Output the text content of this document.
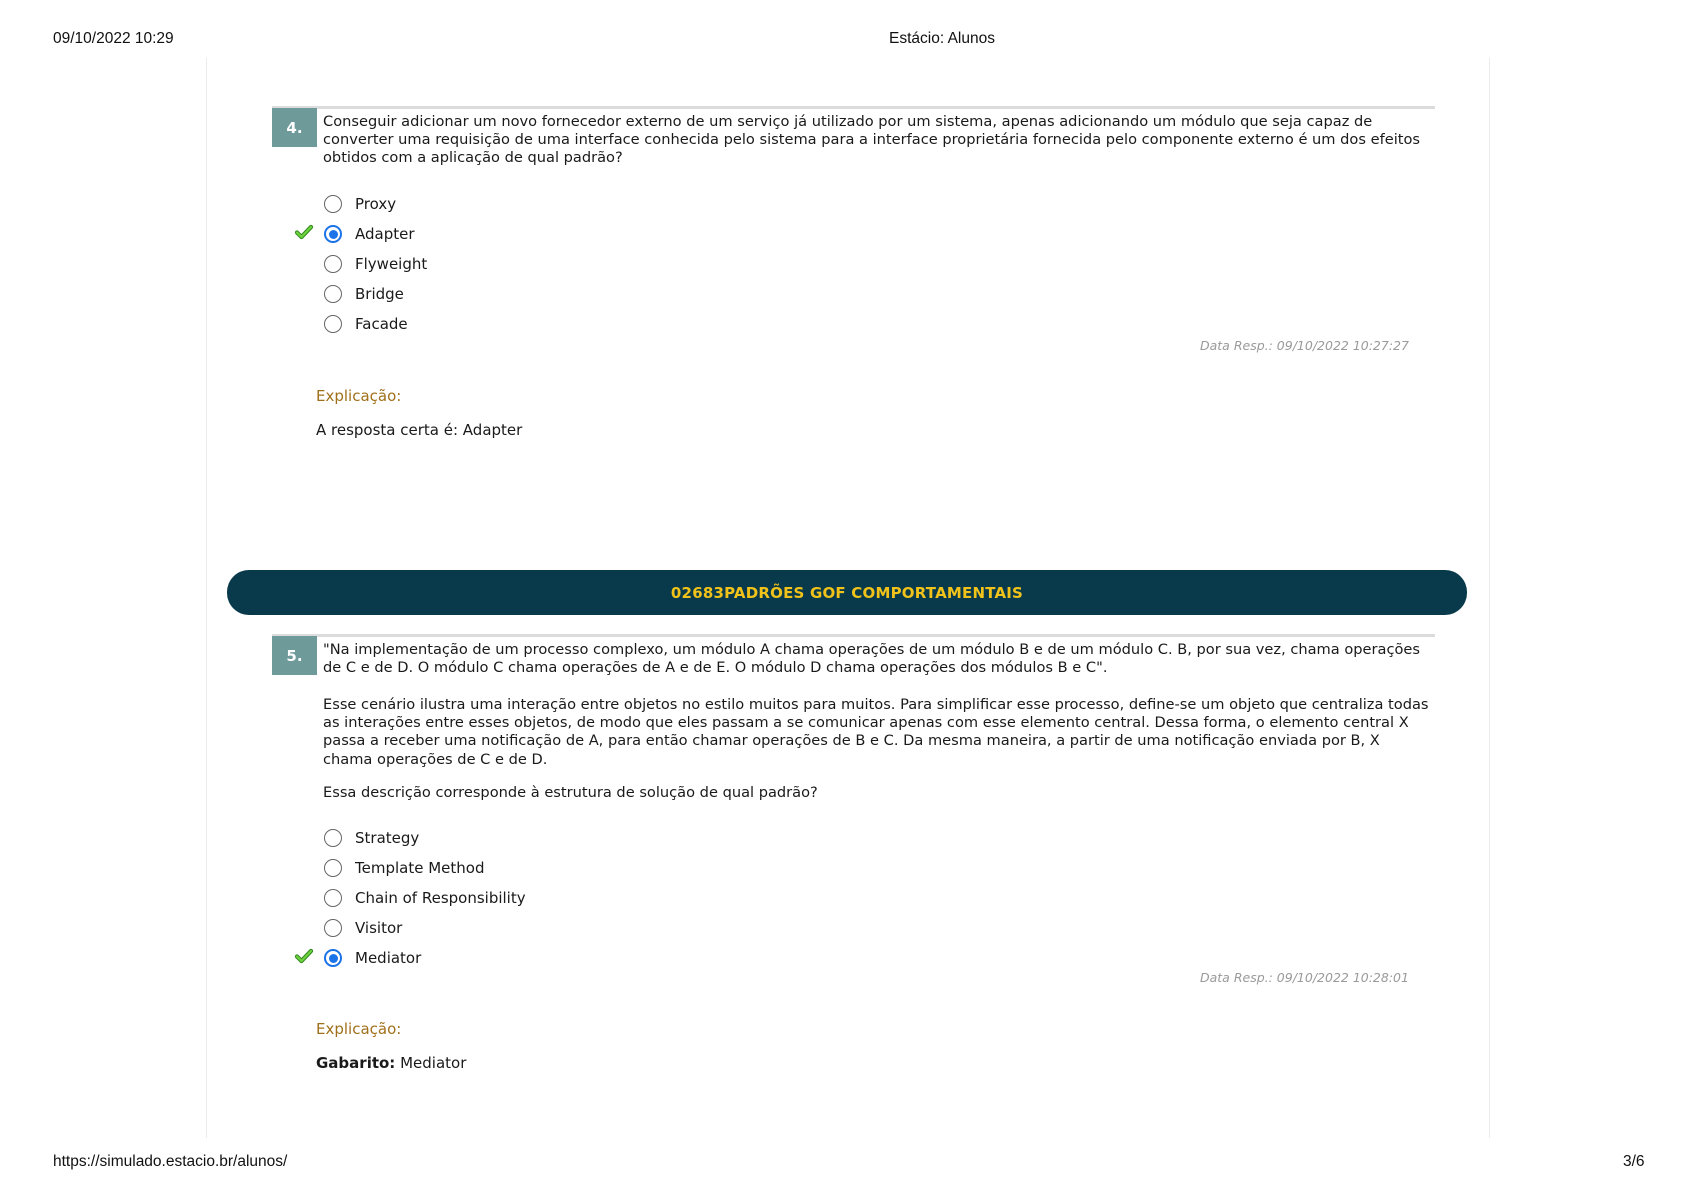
09/10/2022 10:29	Estácio: Alunos
4.	Conseguir adicionar um novo fornecedor externo de um serviço já utilizado por um sistema, apenas adicionando um módulo que seja capaz de converter uma requisição de uma interface conhecida pelo sistema para a interface proprietária fornecida pelo componente externo é um dos efeitos obtidos com a aplicação de qual padrão?
Proxy
Adapter
Flyweight
Bridge
Facade
Data Resp.: 09/10/2022 10:27:27
Explicação:
A resposta certa é: Adapter
02683PADRÕES GOF COMPORTAMENTAIS
5.	"Na implementação de um processo complexo, um módulo A chama operações de um módulo B e de um módulo C. B, por sua vez, chama operações de C e de D. O módulo C chama operações de A e de E. O módulo D chama operações dos módulos B e C".
Esse cenário ilustra uma interação entre objetos no estilo muitos para muitos. Para simplificar esse processo, define-se um objeto que centraliza todas as interações entre esses objetos, de modo que eles passam a se comunicar apenas com esse elemento central. Dessa forma, o elemento central X passa a receber uma notificação de A, para então chamar operações de B e C. Da mesma maneira, a partir de uma notificação enviada por B, X chama operações de C e de D.
Essa descrição corresponde à estrutura de solução de qual padrão?
Strategy
Template Method
Chain of Responsibility
Visitor
Mediator
Data Resp.: 09/10/2022 10:28:01
Explicação:
Gabarito: Mediator
https://simulado.estacio.br/alunos/	3/6
